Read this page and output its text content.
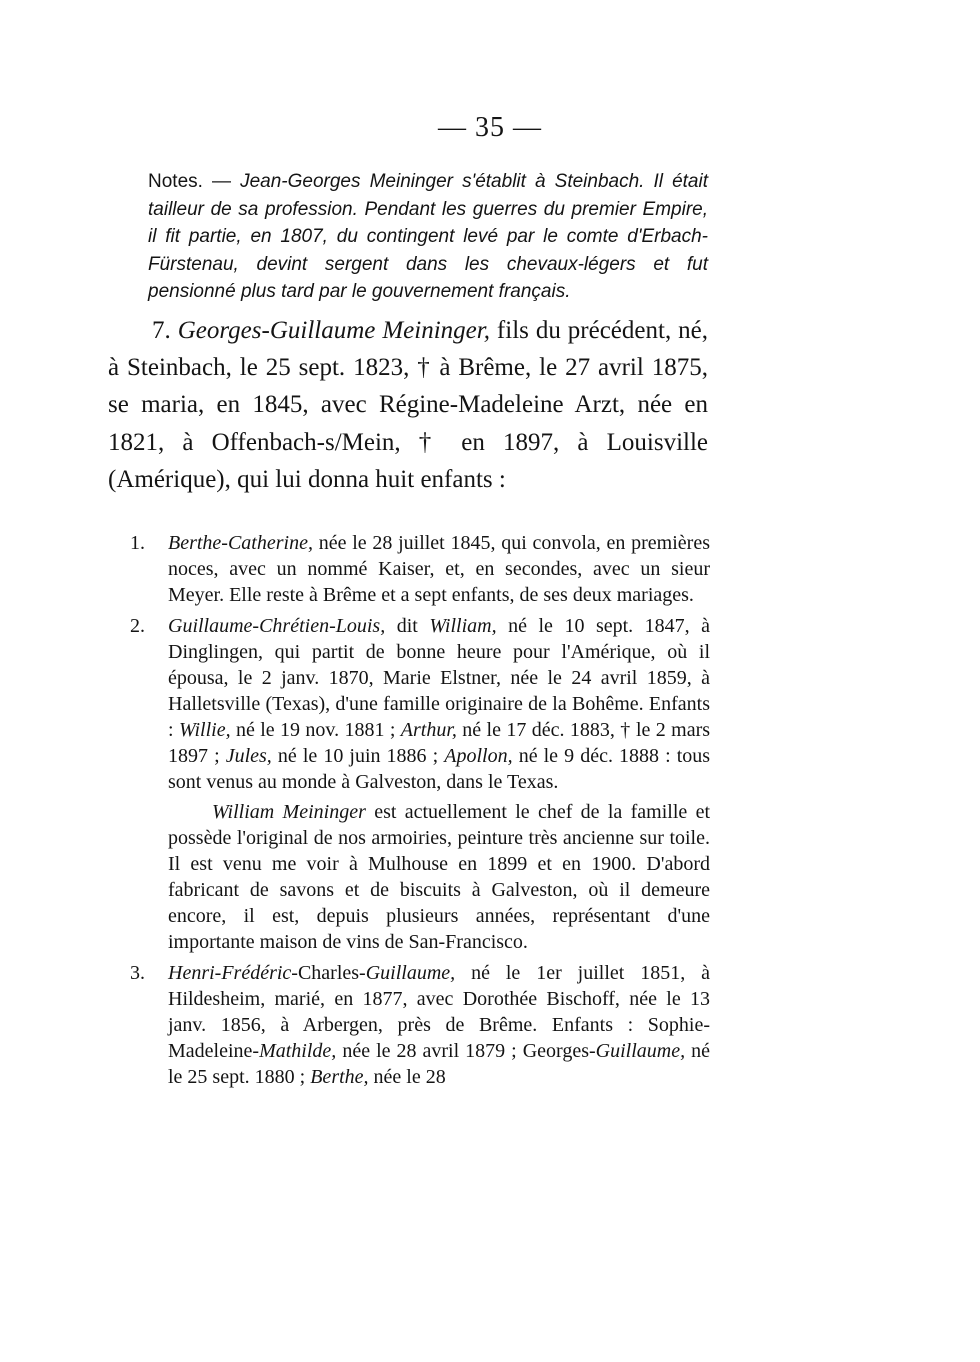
— 35 —
Notes. — Jean-Georges Meininger s'établit à Steinbach. Il était tailleur de sa profession. Pendant les guerres du premier Empire, il fit partie, en 1807, du contingent levé par le comte d'Erbach-Fürstenau, devint sergent dans les chevaux-légers et fut pensionné plus tard par le gouvernement français.
7. Georges-Guillaume Meininger, fils du précédent, né, à Steinbach, le 25 sept. 1823, † à Brême, le 27 avril 1875, se maria, en 1845, avec Régine-Madeleine Arzt, née en 1821, à Offenbach-s/Mein, † en 1897, à Louisville (Amérique), qui lui donna huit enfants :
1.	Berthe-Catherine, née le 28 juillet 1845, qui convola, en premières noces, avec un nommé Kaiser, et, en secondes, avec un sieur Meyer. Elle reste à Brême et a sept enfants, de ses deux mariages.

2.	Guillaume-Chrétien-Louis, dit William, né le 10 sept. 1847, à Dinglingen, qui partit de bonne heure pour l'Amérique, où il épousa, le 2 janv. 1870, Marie Elstner, née le 24 avril 1859, à Halletsville (Texas), d'une famille originaire de la Bohême. Enfants : Willie, né le 19 nov. 1881 ; Arthur, né le 17 déc. 1883, † le 2 mars 1897 ; Jules, né le 10 juin 1886 ; Apollon, né le 9 déc. 1888 : tous sont venus au monde à Galveston, dans le Texas.

William Meininger est actuellement le chef de la famille et possède l'original de nos armoiries, peinture très ancienne sur toile. Il est venu me voir à Mulhouse en 1899 et en 1900. D'abord fabricant de savons et de biscuits à Galveston, où il demeure encore, il est, depuis plusieurs années, représentant d'une importante maison de vins de San-Francisco.

3.	Henri-Frédéric-Charles-Guillaume, né le 1er juillet 1851, à Hildesheim, marié, en 1877, avec Dorothée Bischoff, née le 13 janv. 1856, à Arbergen, près de Brême. Enfants : Sophie-Madeleine-Mathilde, née le 28 avril 1879 ; Georges-Guillaume, né le 25 sept. 1880 ; Berthe, née le 28
